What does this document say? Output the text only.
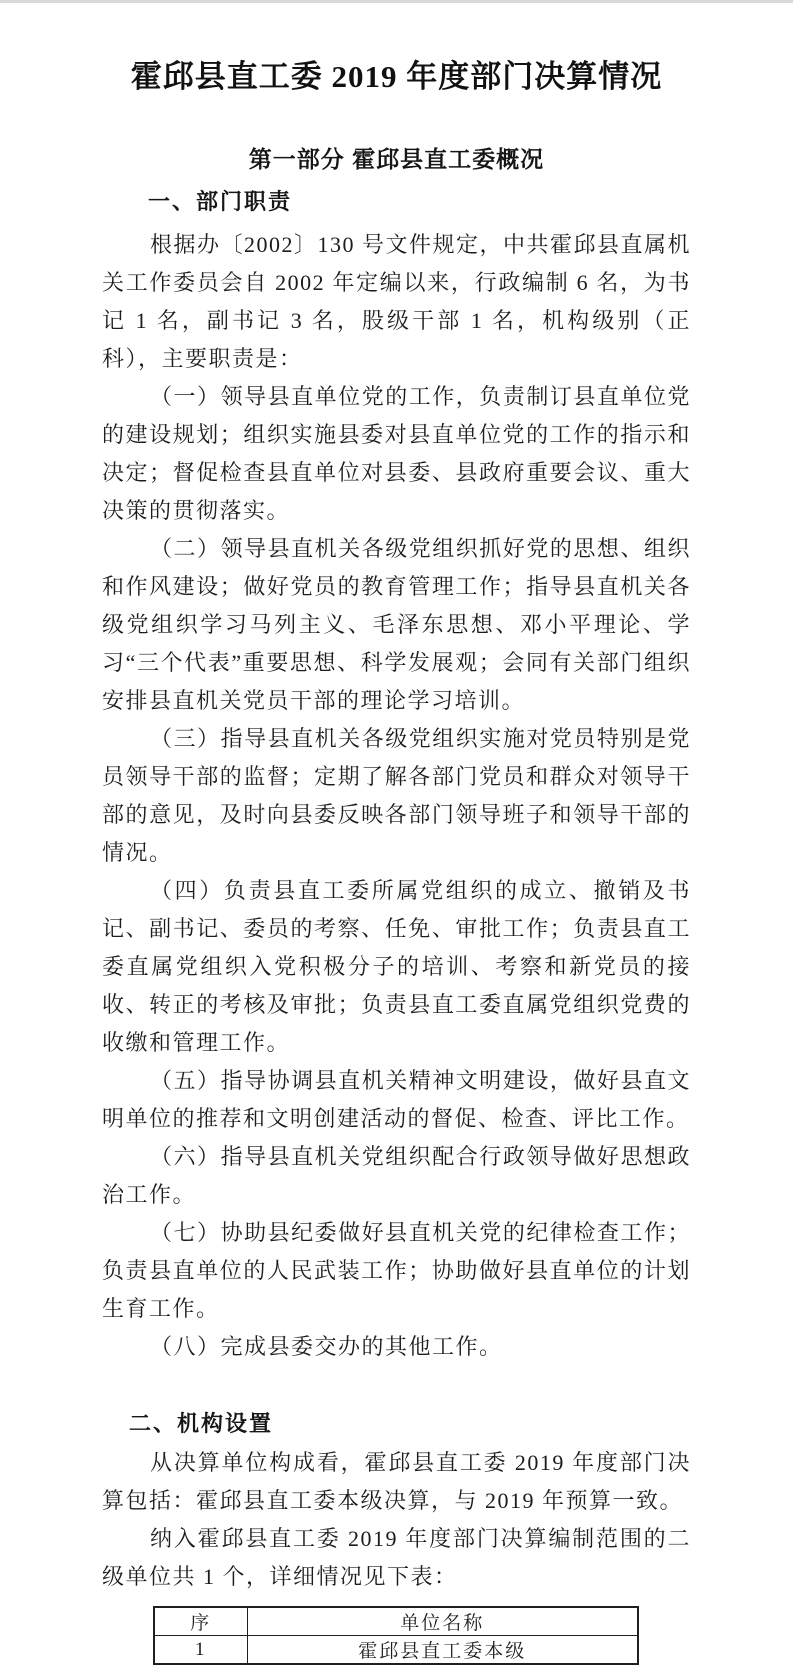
霍邱县直工委 2019 年度部门决算情况
第一部分 霍邱县直工委概况
一、部门职责

根据办〔2002〕130 号文件规定，中共霍邱县直属机关工作委员会自 2002 年定编以来，行政编制 6 名，为书记 1 名，副书记 3 名，股级干部 1 名，机构级别（正科），主要职责是：

（一）领导县直单位党的工作，负责制订县直单位党的建设规划；组织实施县委对县直单位党的工作的指示和决定；督促检查县直单位对县委、县政府重要会议、重大决策的贯彻落实。

（二）领导县直机关各级党组织抓好党的思想、组织和作风建设；做好党员的教育管理工作；指导县直机关各级党组织学习马列主义、毛泽东思想、邓小平理论、学习“三个代表”重要思想、科学发展观；会同有关部门组织安排县直机关党员干部的理论学习培训。

（三）指导县直机关各级党组织实施对党员特别是党员领导干部的监督；定期了解各部门党员和群众对领导干部的意见，及时向县委反映各部门领导班子和领导干部的情况。

（四）负责县直工委所属党组织的成立、撤销及书记、副书记、委员的考察、任免、审批工作；负责县直工委直属党组织入党积极分子的培训、考察和新党员的接收、转正的考核及审批；负责县直工委直属党组织党费的收缴和管理工作。

（五）指导协调县直机关精神文明建设，做好县直文明单位的推荐和文明创建活动的督促、检查、评比工作。

（六）指导县直机关党组织配合行政领导做好思想政治工作。

（七）协助县纪委做好县直机关党的纪律检查工作；负责县直单位的人民武装工作；协助做好县直单位的计划生育工作。

（八）完成县委交办的其他工作。

二、机构设置

从决算单位构成看，霍邱县直工委 2019 年度部门决算包括：霍邱县直工委本级决算，与 2019 年预算一致。

纳入霍邱县直工委 2019 年度部门决算编制范围的二级单位共 1 个，详细情况见下表：

序	单位名称
1	霍邱县直工委本级
